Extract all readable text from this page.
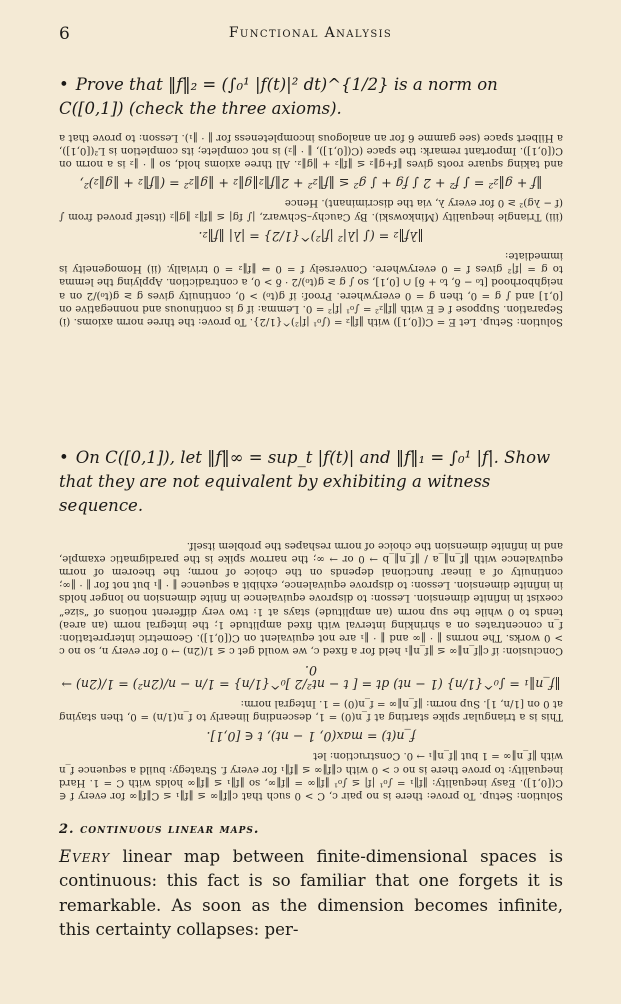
6	Functional Analysis

• Prove that ‖f‖₂ = (∫₀¹ |f(t)|² dt)^{1/2} is a norm on C([0,1]) (check the three axioms).

Solution: Setup. Let E = C([0,1]) with ‖f‖₂ = (∫₀¹ |f|²)^{1/2}. To prove: the three norm axioms. (i) Separation. Suppose f ∈ E with ‖f‖₂² = ∫₀¹ |f|² = 0. Lemma: if g is continuous and nonnegative on [0,1] and ∫ g = 0, then g = 0 everywhere. Proof: if g(t₀) > 0, continuity gives g ≥ g(t₀)/2 on a neighborhood [t₀ − δ, t₀ + δ] ∩ [0,1], so ∫ g ≥ g(t₀)/2 · δ > 0, a contradiction. Applying the lemma to g = |f|² gives f = 0 everywhere. Conversely f = 0 ⇒ ‖f‖₂ = 0 trivially. (ii) Homogeneity is immediate:

‖λf‖₂ = (∫ |λ|² |f|²)^{1/2} = |λ| ‖f‖₂.

(iii) Triangle inequality (Minkowski). By Cauchy–Schwarz, |∫ fg| ≤ ‖f‖₂ ‖g‖₂ (itself proved from ∫ (f − λg)² ≥ 0 for every λ, via the discriminant). Hence

‖f + g‖₂² = ∫ f² + 2 ∫ fg + ∫ g² ≤ ‖f‖₂² + 2‖f‖₂‖g‖₂ + ‖g‖₂² = (‖f‖₂ + ‖g‖₂)²,

and taking square roots gives ‖f+g‖₂ ≤ ‖f‖₂ + ‖g‖₂. All three axioms hold, so ‖ · ‖₂ is a norm on C([0,1]). Important remark: the space (C([0,1]), ‖ · ‖₂) is not complete; its completion is L²([0,1]), a Hilbert space (see gamme 6 for an analogous incompleteness for ‖ · ‖₁). Lesson: to prove that a

• On C([0,1]), let ‖f‖∞ = sup_t |f(t)| and ‖f‖₁ = ∫₀¹ |f|. Show that they are not equivalent by exhibiting a witness sequence.

Solution: Setup. To prove: there is no pair c, C > 0 such that c‖f‖∞ ≤ ‖f‖₁ ≤ C‖f‖∞ for every f ∈ C([0,1]). Easy inequality: ‖f‖₁ = ∫₀¹ |f| ≤ ∫₀¹ ‖f‖∞ = ‖f‖∞, so ‖f‖₁ ≤ ‖f‖∞ holds with C = 1. Hard inequality: to prove there is no c > 0 with c‖f‖∞ ≤ ‖f‖₁ for every f. Strategy: build a sequence f_n with ‖f_n‖∞ = 1 but ‖f_n‖₁ → 0. Construction: let

f_n(t) = max(0, 1 − nt), t ∈ [0,1].

This is a triangular spike starting at f_n(0) = 1, descending linearly to f_n(1/n) = 0, then staying at 0 on [1/n, 1]. Sup norm: ‖f_n‖∞ = f_n(0) = 1. Integral norm:

‖f_n‖₁ = ∫₀^{1/n} (1 − nt) dt = [ t − nt²/2 ]₀^{1/n} = 1/n − n/(2n²) = 1/(2n) → 0.

Conclusion: if c‖f_n‖∞ ≤ ‖f_n‖₁ held for a fixed c, we would get c ≤ 1/(2n) → 0 for every n, so no c > 0 works. The norms ‖ · ‖∞ and ‖ · ‖₁ are not equivalent on C([0,1]). Geometric interpretation: f_n concentrates on a shrinking interval with fixed amplitude 1; the integral norm (an area) tends to 0 while the sup norm (an amplitude) stays at 1: two very different notions of “size” coexist in infinite dimension. Lesson: to disprove equivalence in finite dimension no longer holds in infinite dimension. Lesson: to disprove equivalence, exhibit a sequence ‖ · ‖₁ but not for ‖ · ‖∞; continuity of a linear functional depends on the choice of norm; the theorem of norm equivalence with ‖f_n‖_a / ‖f_n‖_b → 0 or → ∞; the narrow spike is the paradigmatic example, and in infinite dimension the choice of norm reshapes the problem itself.

2. continuous linear maps.

Every linear map between finite-dimensional spaces is continuous: this fact is so familiar that one forgets it is remarkable. As soon as the dimension becomes infinite, this certainty collapses: per-
